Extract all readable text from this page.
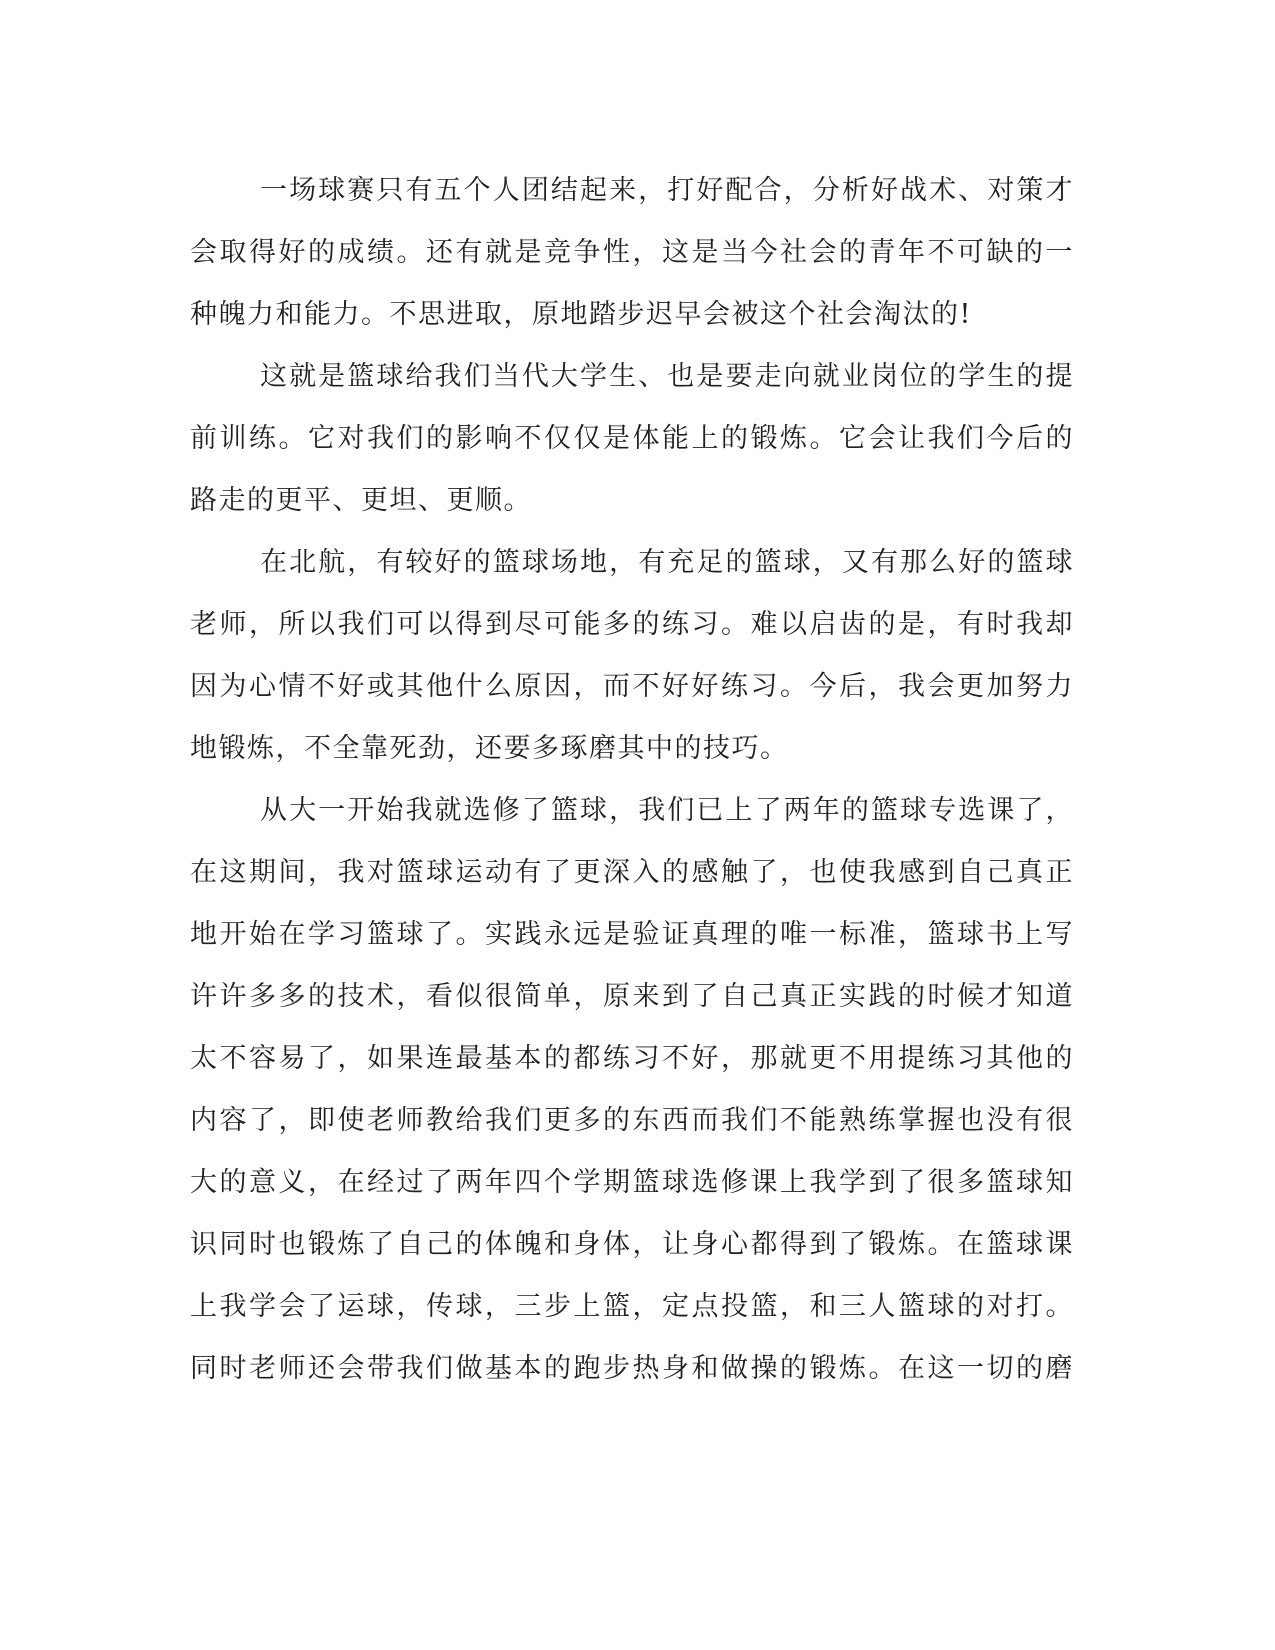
一场球赛只有五个人团结起来，打好配合，分析好战术、对策才
会取得好的成绩。还有就是竞争性，这是当今社会的青年不可缺的一
种魄力和能力。不思进取，原地踏步迟早会被这个社会淘汰的!
这就是篮球给我们当代大学生、也是要走向就业岗位的学生的提
前训练。它对我们的影响不仅仅是体能上的锻炼。它会让我们今后的
路走的更平、更坦、更顺。
在北航，有较好的篮球场地，有充足的篮球，又有那么好的篮球
老师，所以我们可以得到尽可能多的练习。难以启齿的是，有时我却
因为心情不好或其他什么原因，而不好好练习。今后，我会更加努力
地锻炼，不全靠死劲，还要多琢磨其中的技巧。
从大一开始我就选修了篮球，我们已上了两年的篮球专选课了，
在这期间，我对篮球运动有了更深入的感触了，也使我感到自己真正
地开始在学习篮球了。实践永远是验证真理的唯一标准，篮球书上写
许许多多的技术，看似很简单，原来到了自己真正实践的时候才知道
太不容易了，如果连最基本的都练习不好，那就更不用提练习其他的
内容了，即使老师教给我们更多的东西而我们不能熟练掌握也没有很
大的意义，在经过了两年四个学期篮球选修课上我学到了很多篮球知
识同时也锻炼了自己的体魄和身体，让身心都得到了锻炼。在篮球课
上我学会了运球，传球，三步上篮，定点投篮，和三人篮球的对打。
同时老师还会带我们做基本的跑步热身和做操的锻炼。在这一切的磨
